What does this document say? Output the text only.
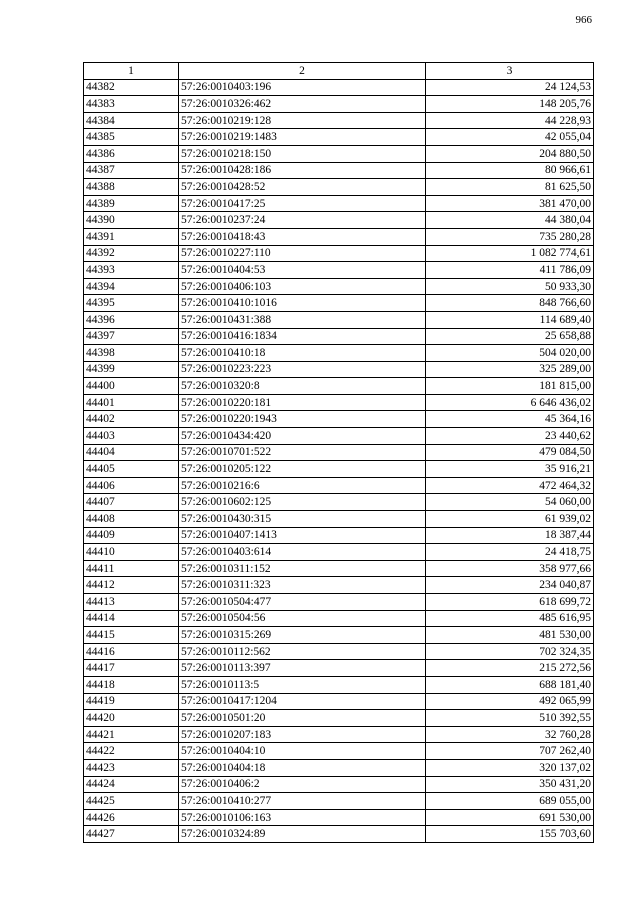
966
1	2	3
44382	57:26:0010403:196	24 124,53
44383	57:26:0010326:462	148 205,76
44384	57:26:0010219:128	44 228,93
44385	57:26:0010219:1483	42 055,04
44386	57:26:0010218:150	204 880,50
44387	57:26:0010428:186	80 966,61
44388	57:26:0010428:52	81 625,50
44389	57:26:0010417:25	381 470,00
44390	57:26:0010237:24	44 380,04
44391	57:26:0010418:43	735 280,28
44392	57:26:0010227:110	1 082 774,61
44393	57:26:0010404:53	411 786,09
44394	57:26:0010406:103	50 933,30
44395	57:26:0010410:1016	848 766,60
44396	57:26:0010431:388	114 689,40
44397	57:26:0010416:1834	25 658,88
44398	57:26:0010410:18	504 020,00
44399	57:26:0010223:223	325 289,00
44400	57:26:0010320:8	181 815,00
44401	57:26:0010220:181	6 646 436,02
44402	57:26:0010220:1943	45 364,16
44403	57:26:0010434:420	23 440,62
44404	57:26:0010701:522	479 084,50
44405	57:26:0010205:122	35 916,21
44406	57:26:0010216:6	472 464,32
44407	57:26:0010602:125	54 060,00
44408	57:26:0010430:315	61 939,02
44409	57:26:0010407:1413	18 387,44
44410	57:26:0010403:614	24 418,75
44411	57:26:0010311:152	358 977,66
44412	57:26:0010311:323	234 040,87
44413	57:26:0010504:477	618 699,72
44414	57:26:0010504:56	485 616,95
44415	57:26:0010315:269	481 530,00
44416	57:26:0010112:562	702 324,35
44417	57:26:0010113:397	215 272,56
44418	57:26:0010113:5	688 181,40
44419	57:26:0010417:1204	492 065,99
44420	57:26:0010501:20	510 392,55
44421	57:26:0010207:183	32 760,28
44422	57:26:0010404:10	707 262,40
44423	57:26:0010404:18	320 137,02
44424	57:26:0010406:2	350 431,20
44425	57:26:0010410:277	689 055,00
44426	57:26:0010106:163	691 530,00
44427	57:26:0010324:89	155 703,60
